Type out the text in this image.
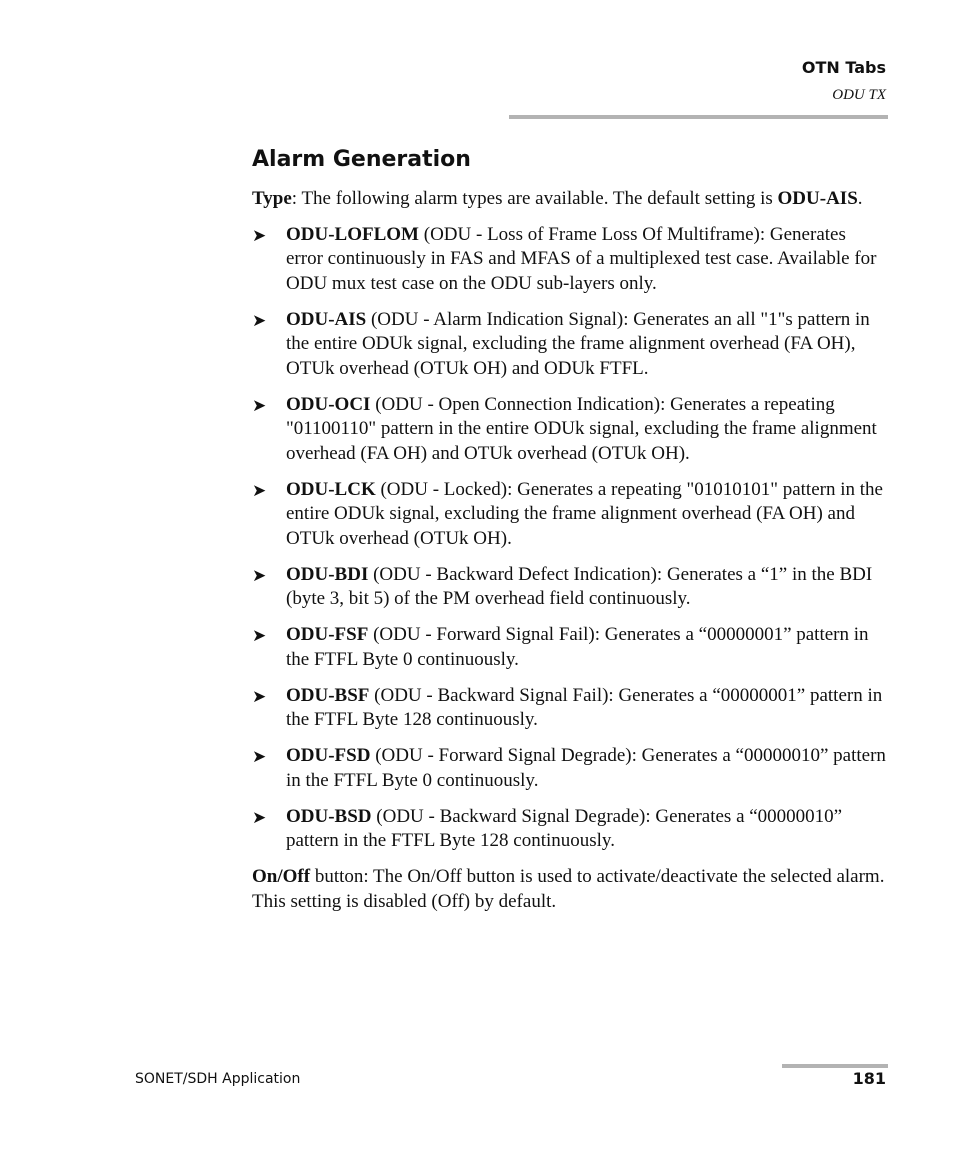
OTN Tabs
ODU TX
Alarm Generation

Type: The following alarm types are available. The default setting is ODU-AIS.

➤ ODU-LOFLOM (ODU - Loss of Frame Loss Of Multiframe): Generates error continuously in FAS and MFAS of a multiplexed test case. Available for ODU mux test case on the ODU sub-layers only.
➤ ODU-AIS (ODU - Alarm Indication Signal): Generates an all "1"s pattern in the entire ODUk signal, excluding the frame alignment overhead (FA OH), OTUk overhead (OTUk OH) and ODUk FTFL.
➤ ODU-OCI (ODU - Open Connection Indication): Generates a repeating "01100110" pattern in the entire ODUk signal, excluding the frame alignment overhead (FA OH) and OTUk overhead (OTUk OH).
➤ ODU-LCK (ODU - Locked): Generates a repeating "01010101" pattern in the entire ODUk signal, excluding the frame alignment overhead (FA OH) and OTUk overhead (OTUk OH).
➤ ODU-BDI (ODU - Backward Defect Indication): Generates a “1” in the BDI (byte 3, bit 5) of the PM overhead field continuously.
➤ ODU-FSF (ODU - Forward Signal Fail): Generates a “00000001” pattern in the FTFL Byte 0 continuously.
➤ ODU-BSF (ODU - Backward Signal Fail): Generates a “00000001” pattern in the FTFL Byte 128 continuously.
➤ ODU-FSD (ODU - Forward Signal Degrade): Generates a “00000010” pattern in the FTFL Byte 0 continuously.
➤ ODU-BSD (ODU - Backward Signal Degrade): Generates a “00000010” pattern in the FTFL Byte 128 continuously.

On/Off button: The On/Off button is used to activate/deactivate the selected alarm. This setting is disabled (Off) by default.

SONET/SDH Application	181
